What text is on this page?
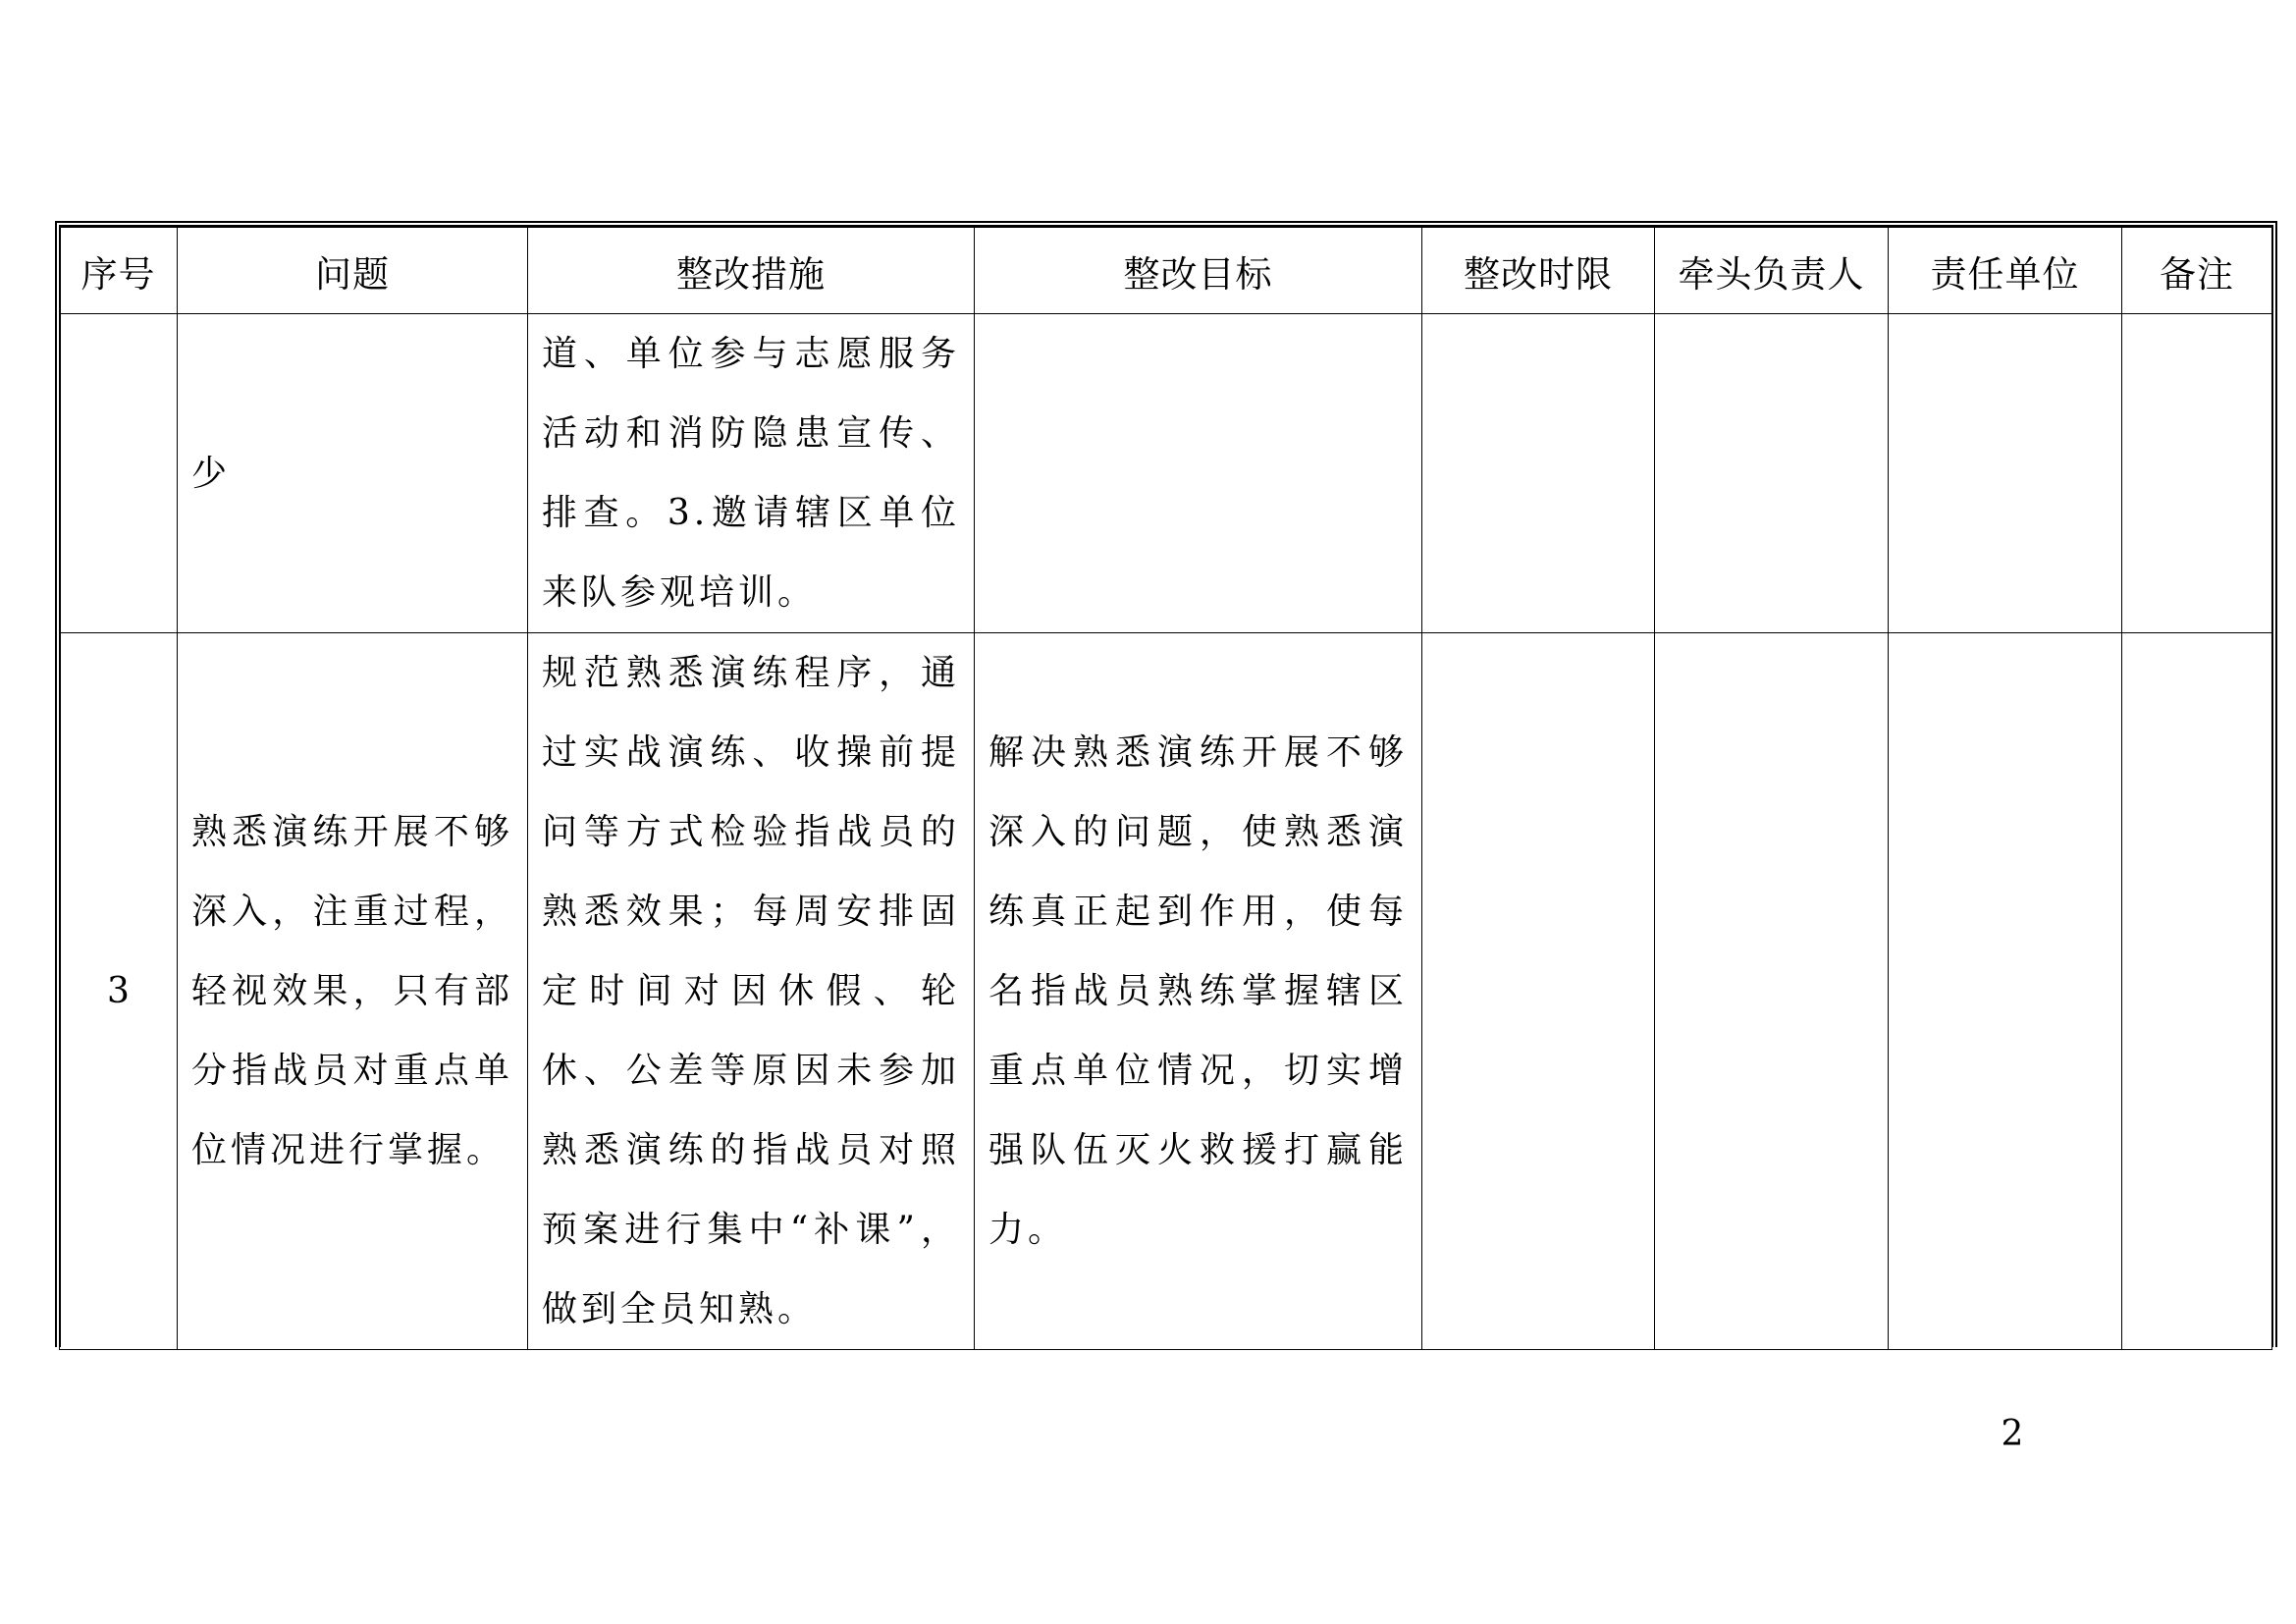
序号	问题	整改措施	整改目标	整改时限	牵头负责人	责任单位	备注

	少	道、单位参与志愿服务活动和消防隐患宣传、排查。3.邀请辖区单位来队参观培训。					

3	熟悉演练开展不够深入，注重过程，轻视效果，只有部分指战员对重点单位情况进行掌握。	规范熟悉演练程序，通过实战演练、收操前提问等方式检验指战员的熟悉效果；每周安排固定时间对因休假、轮休、公差等原因未参加熟悉演练的指战员对照预案进行集中“补课”，做到全员知熟。	解决熟悉演练开展不够深入的问题，使熟悉演练真正起到作用，使每名指战员熟练掌握辖区重点单位情况，切实增强队伍灭火救援打赢能力。				

2
